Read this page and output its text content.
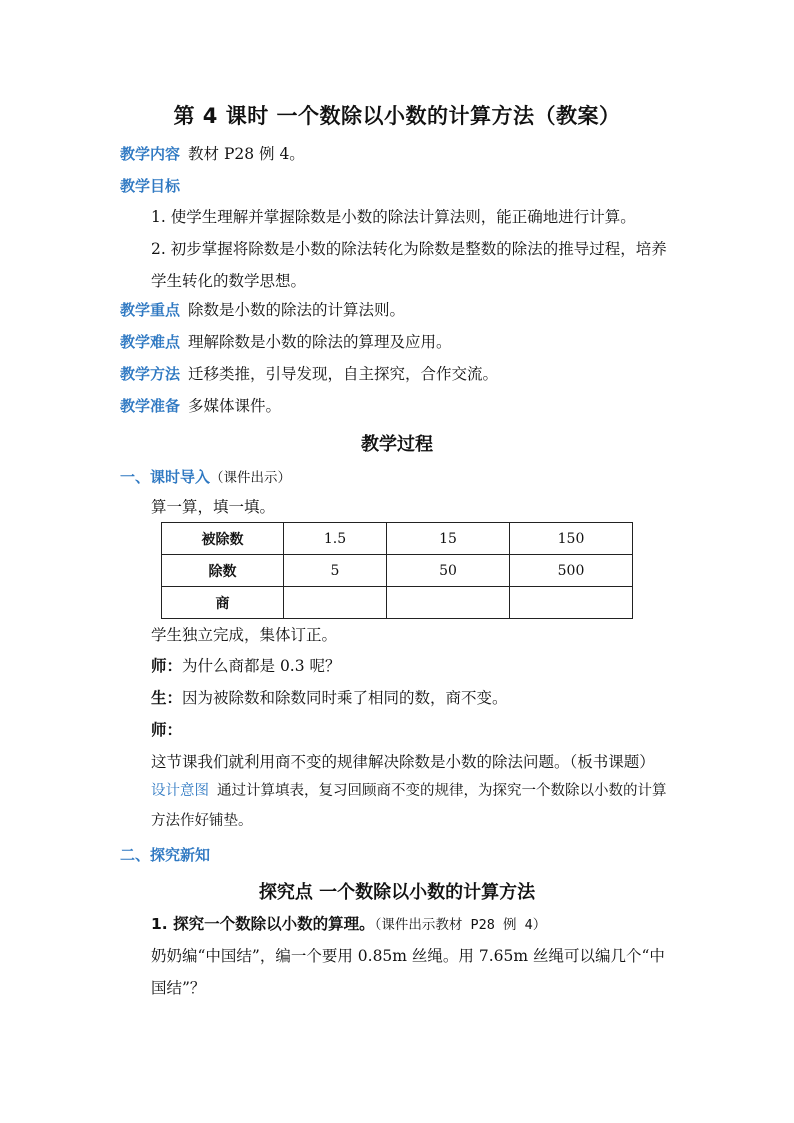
第 4 课时 一个数除以小数的计算方法（教案）
教学内容 教材 P28 例 4。
教学目标
1. 使学生理解并掌握除数是小数的除法计算法则，能正确地进行计算。
2. 初步掌握将除数是小数的除法转化为除数是整数的除法的推导过程，培养学生转化的数学思想。
教学重点 除数是小数的除法的计算法则。
教学难点 理解除数是小数的除法的算理及应用。
教学方法 迁移类推，引导发现，自主探究，合作交流。
教学准备 多媒体课件。
教学过程
一、课时导入（课件出示）
算一算，填一填。
被除数	1.5	15	150
除数	5	50	500
商			
学生独立完成，集体订正。
师：为什么商都是 0.3 呢？
生：因为被除数和除数同时乘了相同的数，商不变。
师：这节课我们就利用商不变的规律解决除数是小数的除法问题。（板书课题）
设计意图 通过计算填表，复习回顾商不变的规律，为探究一个数除以小数的计算方法作好铺垫。
二、探究新知
探究点 一个数除以小数的计算方法
1. 探究一个数除以小数的算理。（课件出示教材 P28 例 4）
奶奶编“中国结”，编一个要用 0.85m 丝绳。用 7.65m 丝绳可以编几个“中国结”？
